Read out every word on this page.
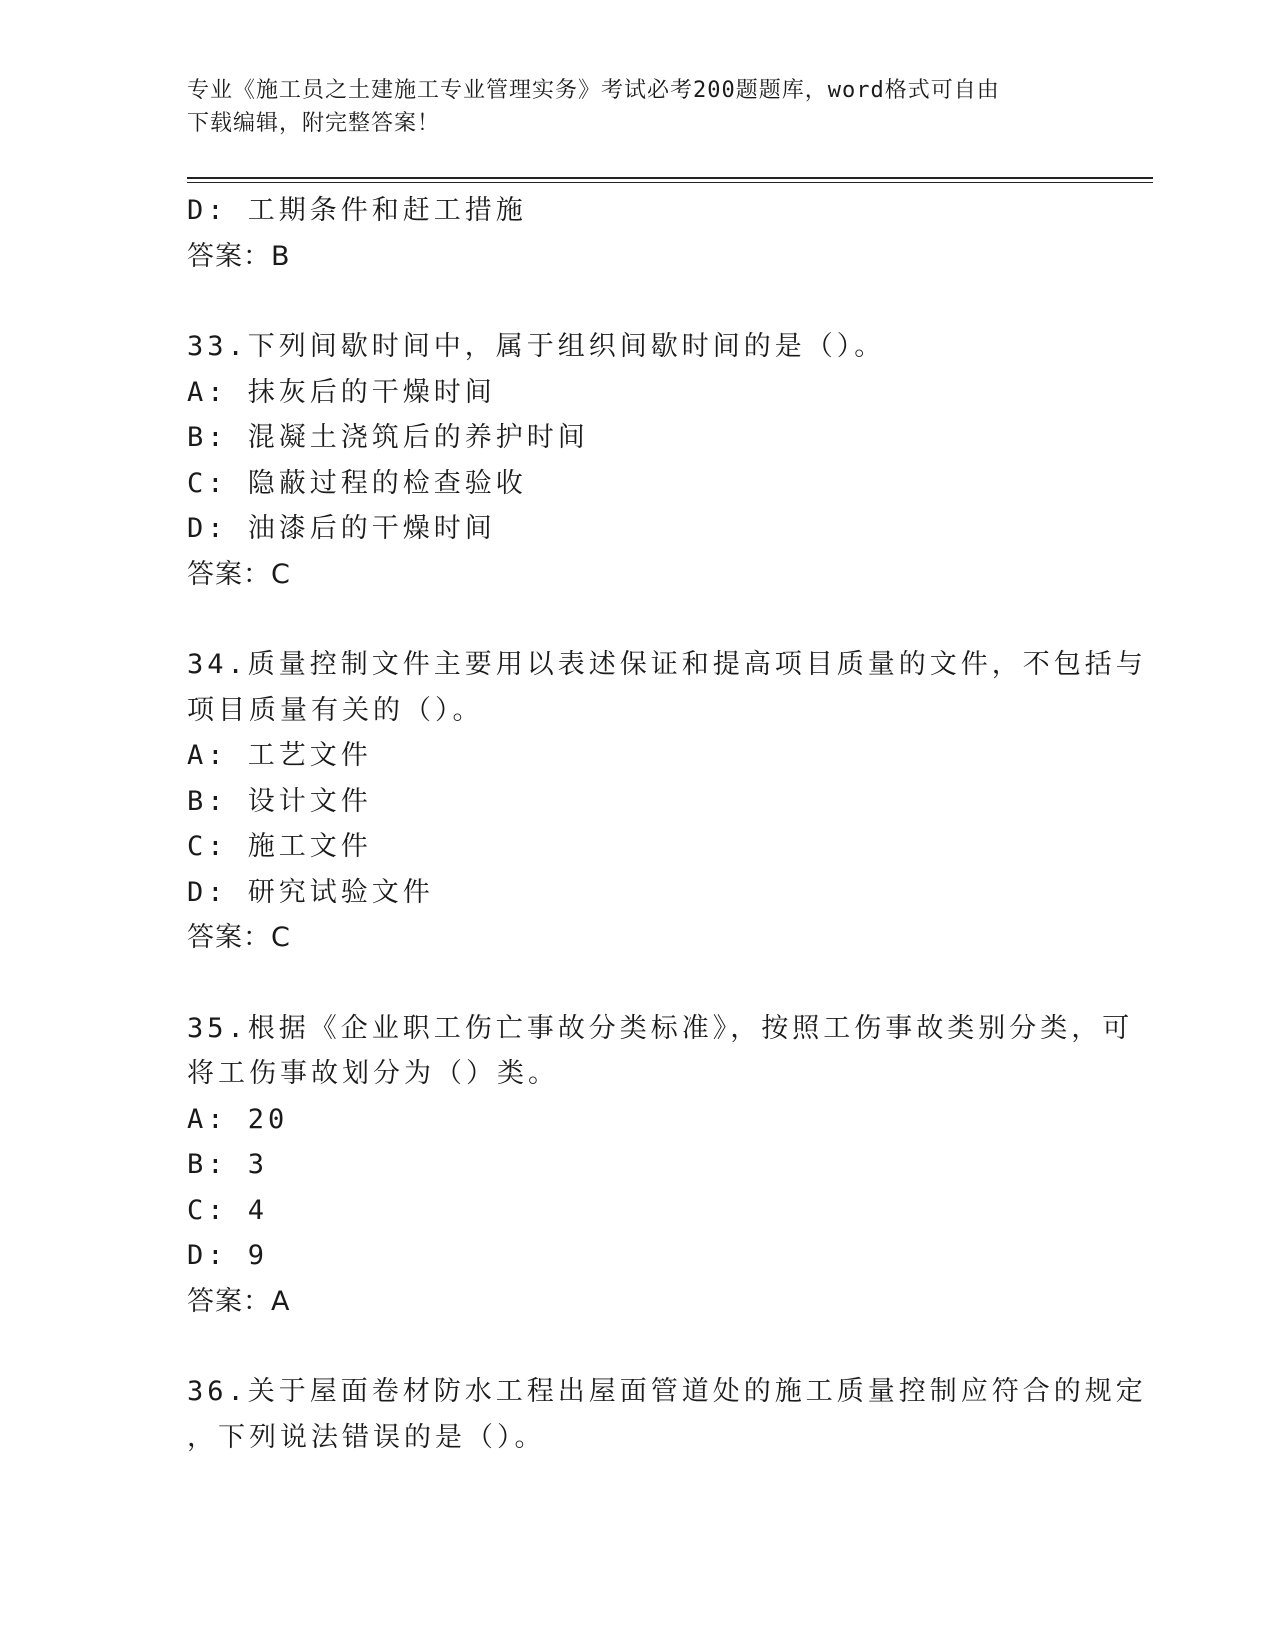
专业《施工员之土建施工专业管理实务》考试必考200题题库，word格式可自由
下载编辑，附完整答案！
D: 工期条件和赶工措施
答案：B
33.下列间歇时间中，属于组织间歇时间的是（）。
A: 抹灰后的干燥时间
B: 混凝土浇筑后的养护时间
C: 隐蔽过程的检查验收
D: 油漆后的干燥时间
答案：C
34.质量控制文件主要用以表述保证和提高项目质量的文件，不包括与
项目质量有关的（）。
A: 工艺文件
B: 设计文件
C: 施工文件
D: 研究试验文件
答案：C
35.根据《企业职工伤亡事故分类标准》，按照工伤事故类别分类，可
将工伤事故划分为（）类。
A: 20
B: 3
C: 4
D: 9
答案：A
36.关于屋面卷材防水工程出屋面管道处的施工质量控制应符合的规定
，下列说法错误的是（）。
